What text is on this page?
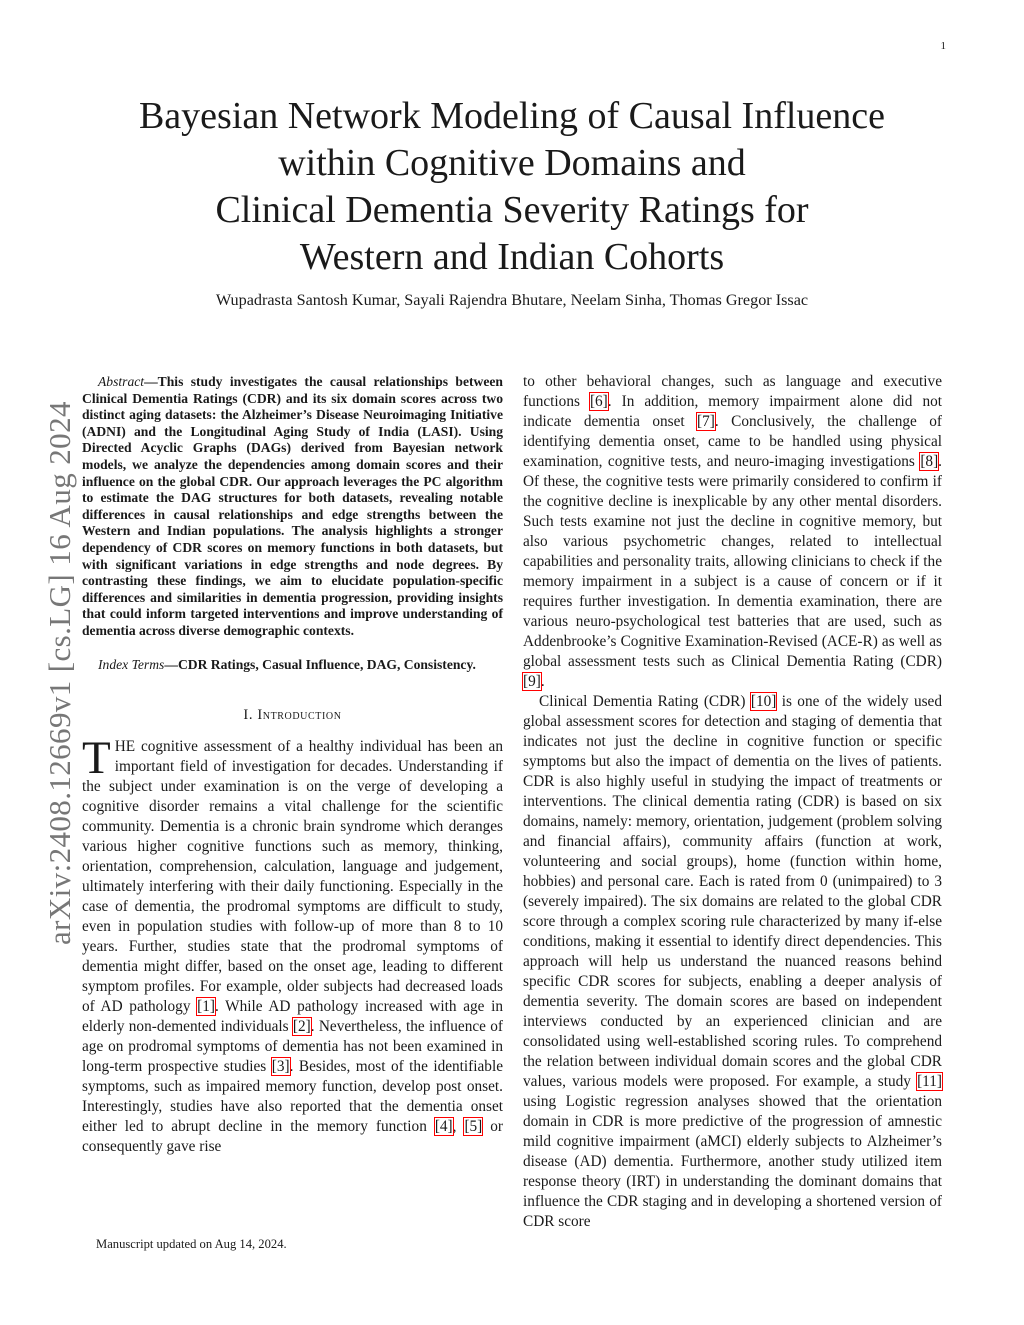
1
arXiv:2408.12669v1 [cs.LG] 16 Aug 2024
Bayesian Network Modeling of Causal Influence
within Cognitive Domains and
Clinical Dementia Severity Ratings for
Western and Indian Cohorts
Wupadrasta Santosh Kumar, Sayali Rajendra Bhutare, Neelam Sinha, Thomas Gregor Issac

Abstract—This study investigates the causal relationships between Clinical Dementia Ratings (CDR) and its six domain scores across two distinct aging datasets: the Alzheimer’s Disease Neuroimaging Initiative (ADNI) and the Longitudinal Aging Study of India (LASI). Using Directed Acyclic Graphs (DAGs) derived from Bayesian network models, we analyze the dependencies among domain scores and their influence on the global CDR. Our approach leverages the PC algorithm to estimate the DAG structures for both datasets, revealing notable differences in causal relationships and edge strengths between the Western and Indian populations. The analysis highlights a stronger dependency of CDR scores on memory functions in both datasets, but with significant variations in edge strengths and node degrees. By contrasting these findings, we aim to elucidate population-specific differences and similarities in dementia progression, providing insights that could inform targeted interventions and improve understanding of dementia across diverse demographic contexts.

Index Terms—CDR Ratings, Casual Influence, DAG, Consistency.

I. Introduction

THE cognitive assessment of a healthy individual has been an important field of investigation for decades. Understanding if the subject under examination is on the verge of developing a cognitive disorder remains a vital challenge for the scientific community. Dementia is a chronic brain syndrome which deranges various higher cognitive functions such as memory, thinking, orientation, comprehension, calculation, language and judgement, ultimately interfering with their daily functioning. Especially in the case of dementia, the prodromal symptoms are difficult to study, even in population studies with follow-up of more than 8 to 10 years. Further, studies state that the prodromal symptoms of dementia might differ, based on the onset age, leading to different symptom profiles. For example, older subjects had decreased loads of AD pathology [1]. While AD pathology increased with age in elderly non-demented individuals [2]. Nevertheless, the influence of age on prodromal symptoms of dementia has not been examined in long-term prospective studies [3]. Besides, most of the identifiable symptoms, such as impaired memory function, develop post onset. Interestingly, studies have also reported that the dementia onset either led to abrupt decline in the memory function [4], [5] or consequently gave rise

to other behavioral changes, such as language and executive functions [6]. In addition, memory impairment alone did not indicate dementia onset [7]. Conclusively, the challenge of identifying dementia onset, came to be handled using physical examination, cognitive tests, and neuro-imaging investigations [8]. Of these, the cognitive tests were primarily considered to confirm if the cognitive decline is inexplicable by any other mental disorders. Such tests examine not just the decline in cognitive memory, but also various psychometric changes, related to intellectual capabilities and personality traits, allowing clinicians to check if the memory impairment in a subject is a cause of concern or if it requires further investigation. In dementia examination, there are various neuro-psychological test batteries that are used, such as Addenbrooke’s Cognitive Examination-Revised (ACE-R) as well as global assessment tests such as Clinical Dementia Rating (CDR) [9].

Clinical Dementia Rating (CDR) [10] is one of the widely used global assessment scores for detection and staging of dementia that indicates not just the decline in cognitive function or specific symptoms but also the impact of dementia on the lives of patients. CDR is also highly useful in studying the impact of treatments or interventions. The clinical dementia rating (CDR) is based on six domains, namely: memory, orientation, judgement (problem solving and financial affairs), community affairs (function at work, volunteering and social groups), home (function within home, hobbies) and personal care. Each is rated from 0 (unimpaired) to 3 (severely impaired). The six domains are related to the global CDR score through a complex scoring rule characterized by many if-else conditions, making it essential to identify direct dependencies. This approach will help us understand the nuanced reasons behind specific CDR scores for subjects, enabling a deeper analysis of dementia severity. The domain scores are based on independent interviews conducted by an experienced clinician and are consolidated using well-established scoring rules. To comprehend the relation between individual domain scores and the global CDR values, various models were proposed. For example, a study [11] using Logistic regression analyses showed that the orientation domain in CDR is more predictive of the progression of amnestic mild cognitive impairment (aMCI) elderly subjects to Alzheimer’s disease (AD) dementia. Furthermore, another study utilized item response theory (IRT) in understanding the dominant domains that influence the CDR staging and in developing a shortened version of CDR score

Manuscript updated on Aug 14, 2024.
